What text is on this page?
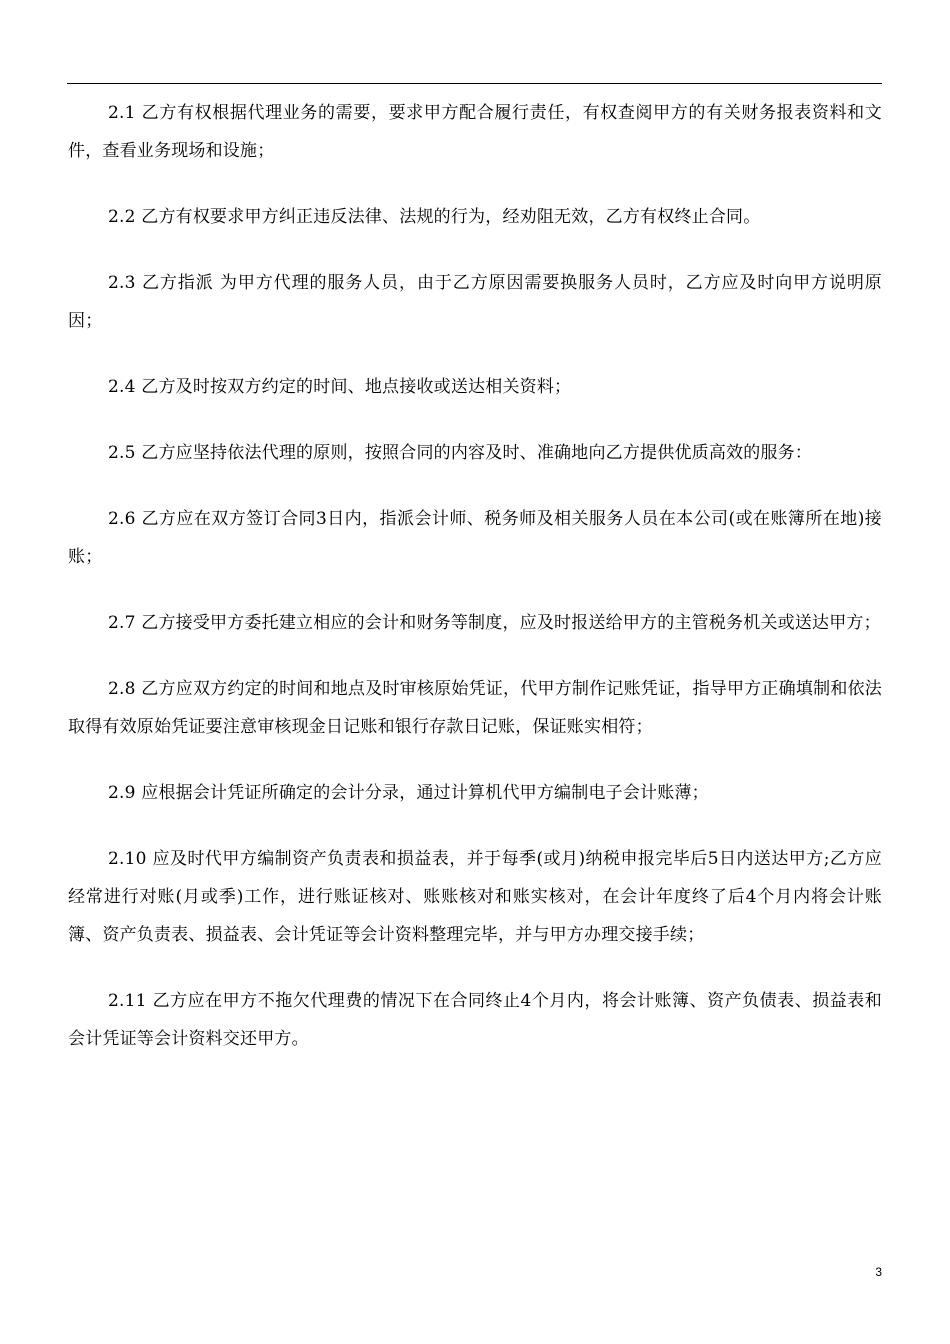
2.1 乙方有权根据代理业务的需要，要求甲方配合履行责任，有权查阅甲方的有关财务报表资料和文件，查看业务现场和设施；

2.2 乙方有权要求甲方纠正违反法律、法规的行为，经劝阻无效，乙方有权终止合同。

2.3 乙方指派 为甲方代理的服务人员，由于乙方原因需要换服务人员时，乙方应及时向甲方说明原因；

2.4 乙方及时按双方约定的时间、地点接收或送达相关资料；

2.5 乙方应坚持依法代理的原则，按照合同的内容及时、准确地向乙方提供优质高效的服务：

2.6 乙方应在双方签订合同3日内，指派会计师、税务师及相关服务人员在本公司(或在账簿所在地)接账；

2.7 乙方接受甲方委托建立相应的会计和财务等制度，应及时报送给甲方的主管税务机关或送达甲方；

2.8 乙方应双方约定的时间和地点及时审核原始凭证，代甲方制作记账凭证，指导甲方正确填制和依法取得有效原始凭证要注意审核现金日记账和银行存款日记账，保证账实相符；

2.9 应根据会计凭证所确定的会计分录，通过计算机代甲方编制电子会计账薄；

2.10 应及时代甲方编制资产负责表和损益表，并于每季(或月)纳税申报完毕后5日内送达甲方;乙方应经常进行对账(月或季)工作，进行账证核对、账账核对和账实核对，在会计年度终了后4个月内将会计账簿、资产负责表、损益表、会计凭证等会计资料整理完毕，并与甲方办理交接手续；

2.11 乙方应在甲方不拖欠代理费的情况下在合同终止4个月内，将会计账簿、资产负债表、损益表和会计凭证等会计资料交还甲方。

3
